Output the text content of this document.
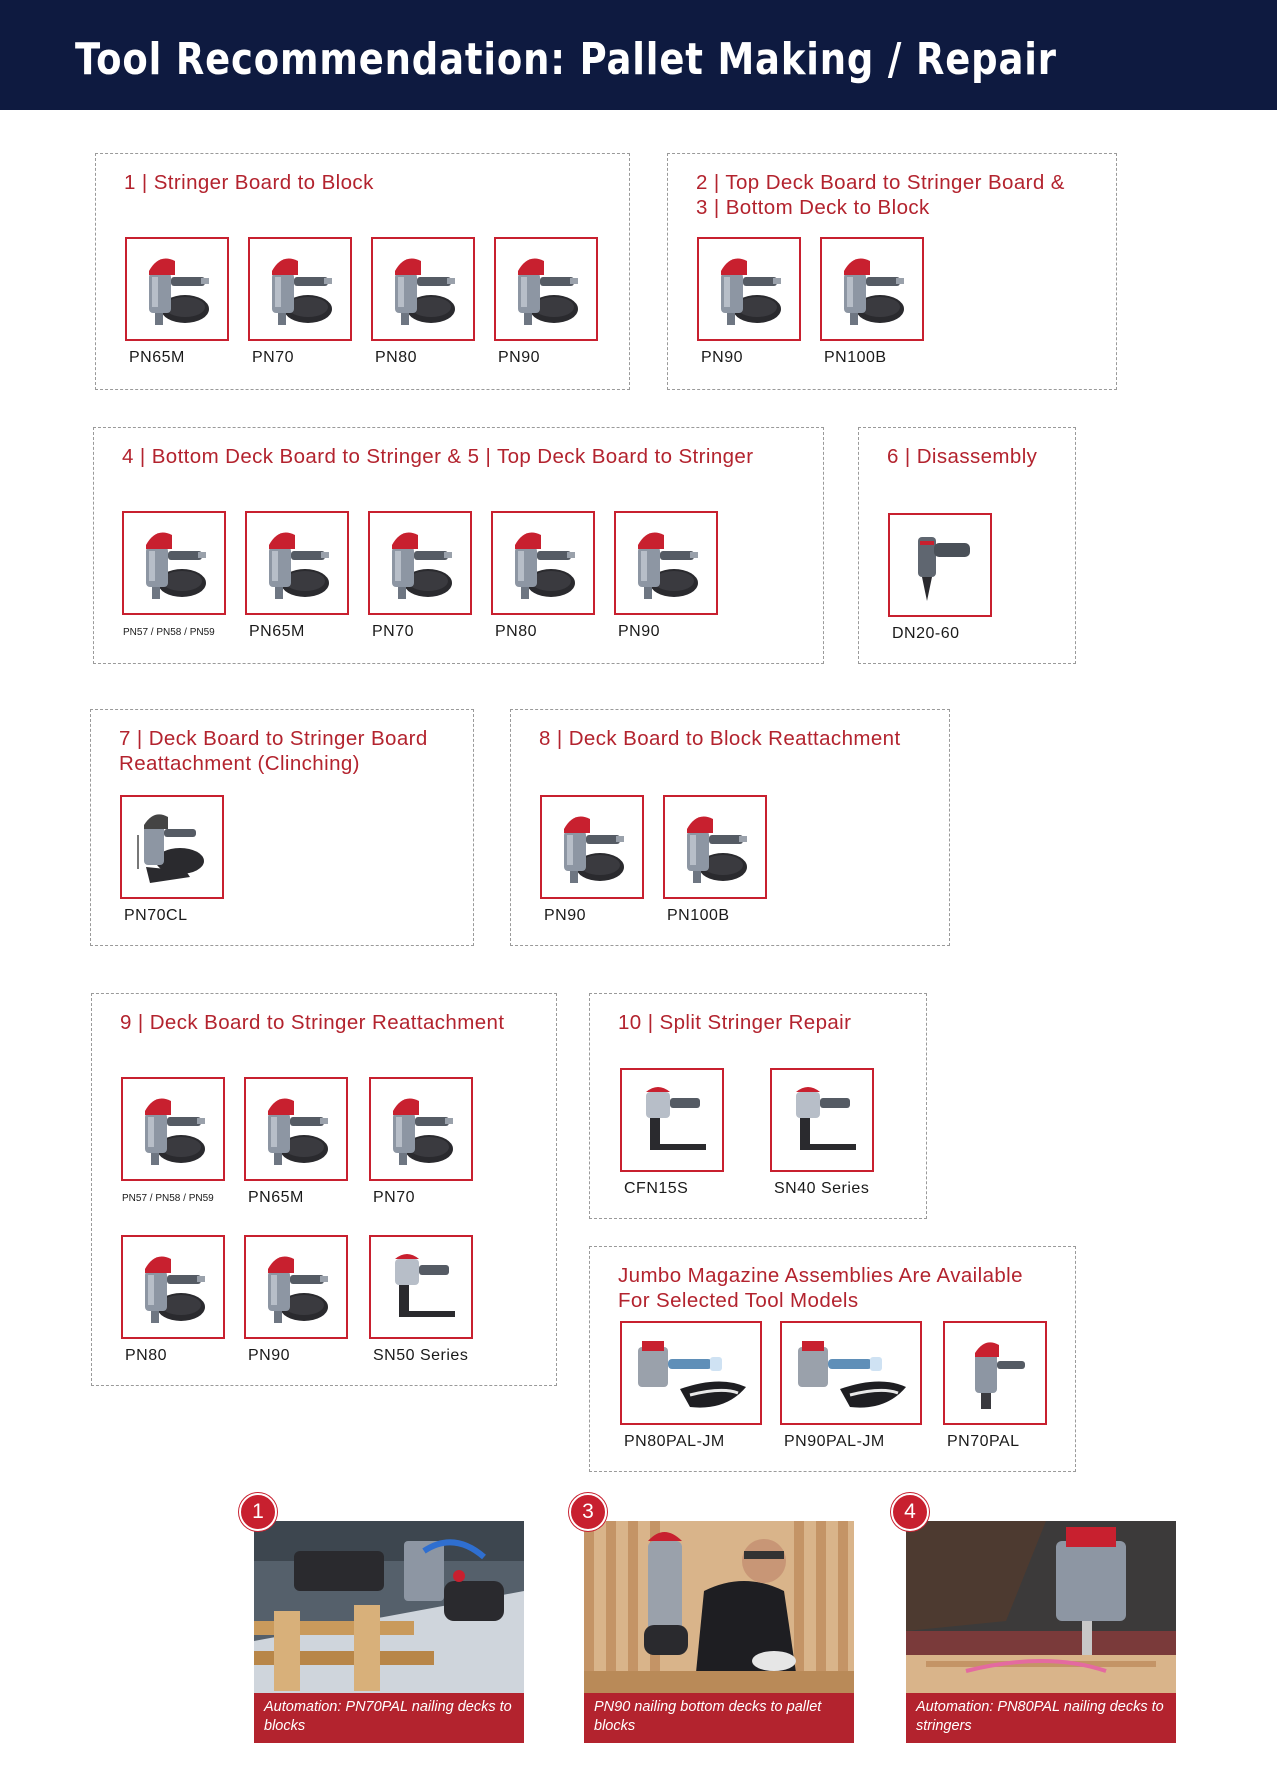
Tool Recommendation: Pallet Making / Repair
1 | Stringer Board to Block
PN65M	PN70	PN80	PN90
2 | Top Deck Board to Stringer Board &
3 | Bottom Deck to Block
PN90	PN100B
4 | Bottom Deck Board to Stringer & 5 | Top Deck Board to Stringer
PN57 / PN58 / PN59 PN65M	PN70	PN80	PN90
6 | Disassembly
DN20-60
7 | Deck Board to Stringer Board
Reattachment (Clinching)
PN70CL
8 | Deck Board to Block Reattachment
PN90	PN100B
9 | Deck Board to Stringer Reattachment
PN57 / PN58 / PN59 PN65M	PN70
PN80	PN90	SN50 Series
10 | Split Stringer Repair
CFN15S	SN40 Series
Jumbo Magazine Assemblies Are Available
For Selected Tool Models
PN80PAL-JM	PN90PAL-JM	PN70PAL
Automation: PN70PAL nailing decks to blocks
1
PN90 nailing bottom decks to pallet blocks
3
Automation: PN80PAL nailing decks to stringers
4
